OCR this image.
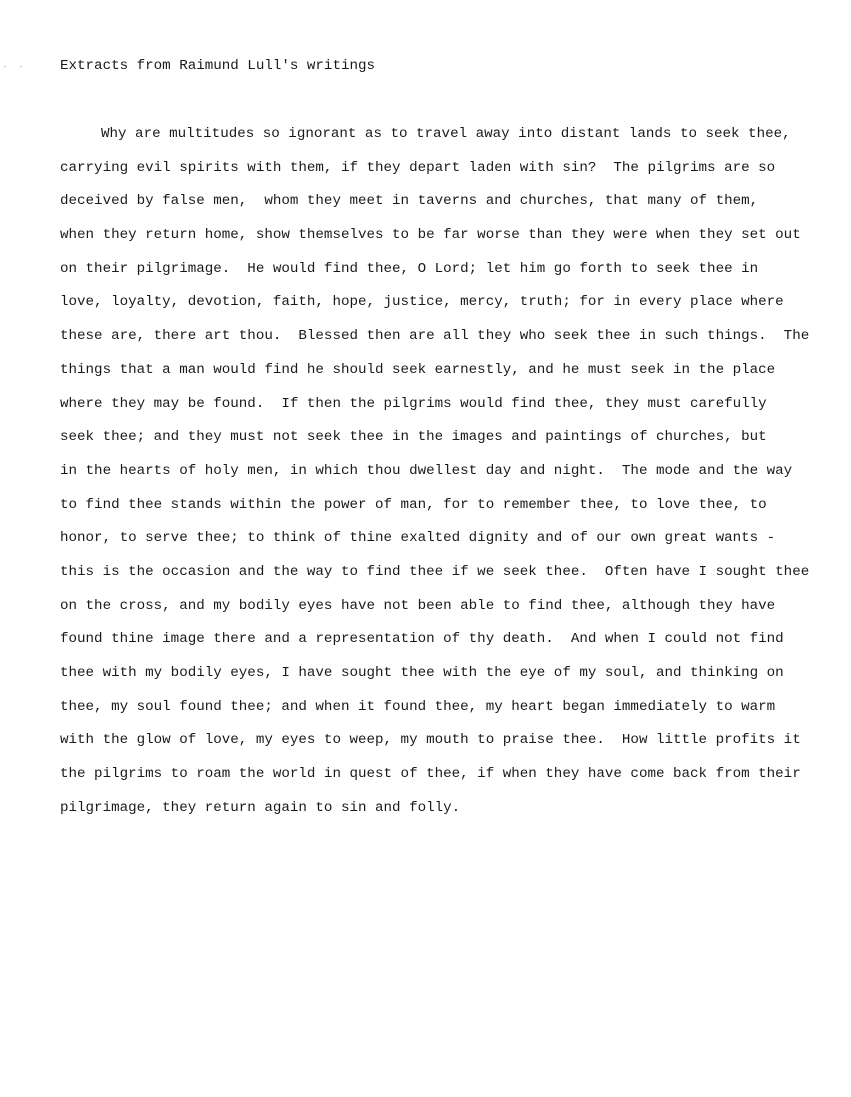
Extracts from Raimund Lull's writings
Why are multitudes so ignorant as to travel away into distant lands to seek thee,
carrying evil spirits with them, if they depart laden with sin?  The pilgrims are so
deceived by false men,  whom they meet in taverns and churches, that many of them,
when they return home, show themselves to be far worse than they were when they set out
on their pilgrimage.  He would find thee, O Lord; let him go forth to seek thee in
love, loyalty, devotion, faith, hope, justice, mercy, truth; for in every place where
these are, there art thou.  Blessed then are all they who seek thee in such things.  The
things that a man would find he should seek earnestly, and he must seek in the place
where they may be found.  If then the pilgrims would find thee, they must carefully
seek thee; and they must not seek thee in the images and paintings of churches, but
in the hearts of holy men, in which thou dwellest day and night.  The mode and the way
to find thee stands within the power of man, for to remember thee, to love thee, to
honor, to serve thee; to think of thine exalted dignity and of our own great wants -
this is the occasion and the way to find thee if we seek thee.  Often have I sought thee
on the cross, and my bodily eyes have not been able to find thee, although they have
found thine image there and a representation of thy death.  And when I could not find
thee with my bodily eyes, I have sought thee with the eye of my soul, and thinking on
thee, my soul found thee; and when it found thee, my heart began immediately to warm
with the glow of love, my eyes to weep, my mouth to praise thee.  How little profits it
the pilgrims to roam the world in quest of thee, if when they have come back from their
pilgrimage, they return again to sin and folly.
